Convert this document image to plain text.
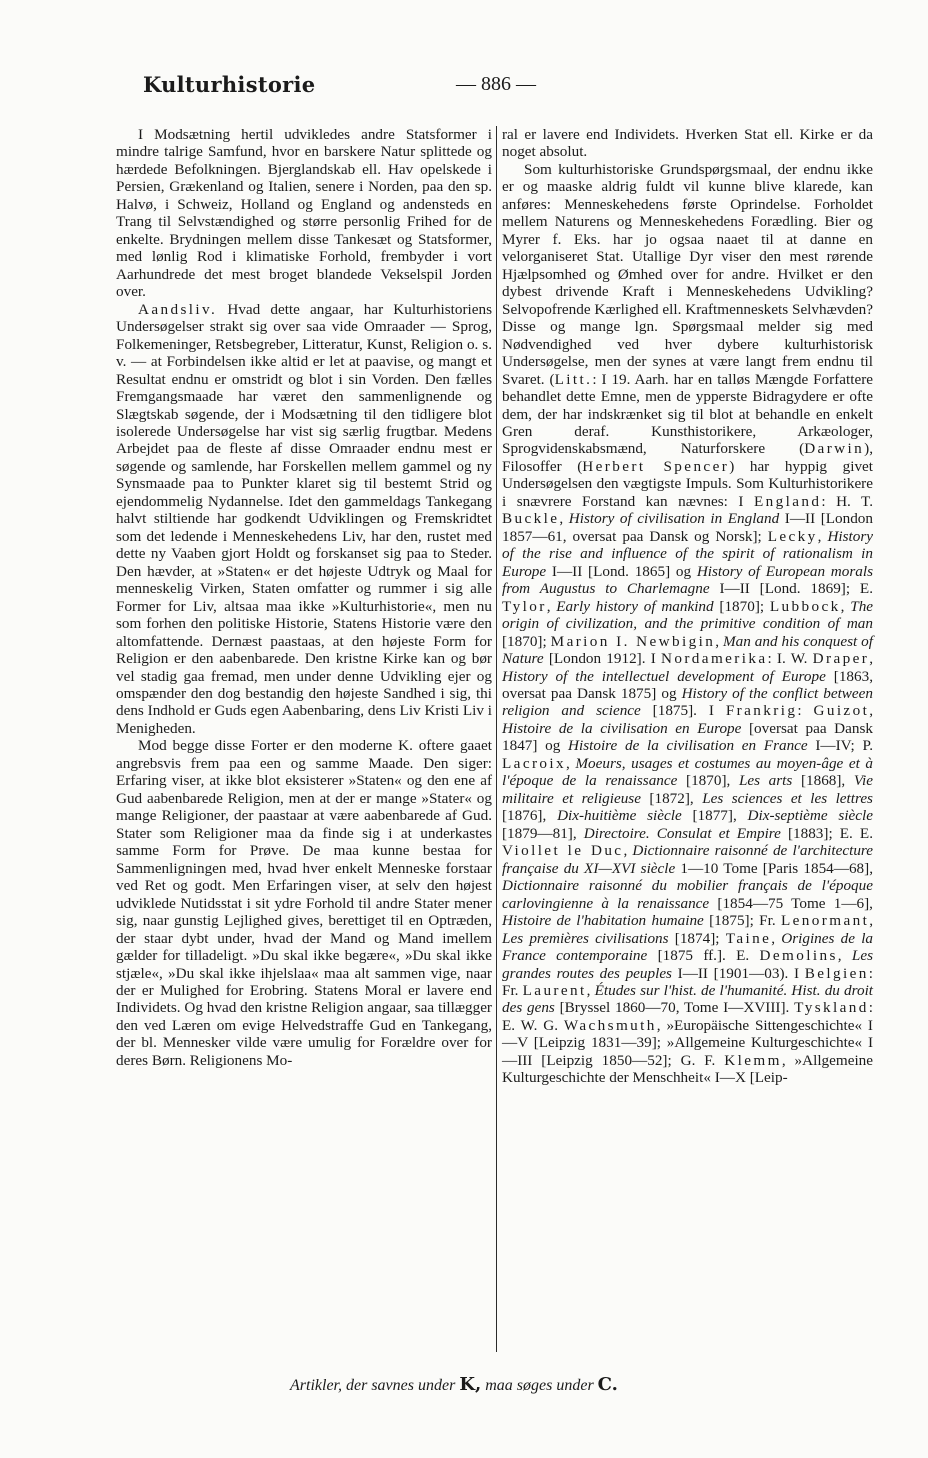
Kulturhistorie	— 886 —

I Modsætning hertil udvikledes andre Statsformer i mindre talrige Samfund, hvor en barskere Natur splittede og hærdede Befolkningen. Bjerglandskab ell. Hav opelskede i Persien, Grækenland og Italien, senere i Norden, paa den sp. Halvø, i Schweiz, Holland og England og andensteds en Trang til Selvstændighed og større personlig Frihed for de enkelte. Brydningen mellem disse Tankesæt og Statsformer, med lønlig Rod i klimatiske Forhold, frembyder i vort Aarhundrede det mest broget blandede Vekselspil Jorden over.

Aandsliv. Hvad dette angaar, har Kulturhistoriens Undersøgelser strakt sig over saa vide Omraader — Sprog, Folkemeninger, Retsbegreber, Litteratur, Kunst, Religion o. s. v. — at Forbindelsen ikke altid er let at paavise, og mangt et Resultat endnu er omstridt og blot i sin Vorden. Den fælles Fremgangsmaade har været den sammenlignende og Slægtskab søgende, der i Modsætning til den tidligere blot isolerede Undersøgelse har vist sig særlig frugtbar. Medens Arbejdet paa de fleste af disse Omraader endnu mest er søgende og samlende, har Forskellen mellem gammel og ny Synsmaade paa to Punkter klaret sig til bestemt Strid og ejendommelig Nydannelse. Idet den gammeldags Tankegang halvt stiltiende har godkendt Udviklingen og Fremskridtet som det ledende i Menneskehedens Liv, har den, rustet med dette ny Vaaben gjort Holdt og forskanset sig paa to Steder. Den hævder, at »Staten« er det højeste Udtryk og Maal for menneskelig Virken, Staten omfatter og rummer i sig alle Former for Liv, altsaa maa ikke »Kulturhistorie«, men nu som forhen den politiske Historie, Statens Historie være den altomfattende. Dernæst paastaas, at den højeste Form for Religion er den aabenbarede. Den kristne Kirke kan og bør vel stadig gaa fremad, men under denne Udvikling ejer og omspænder den dog bestandig den højeste Sandhed i sig, thi dens Indhold er Guds egen Aabenbaring, dens Liv Kristi Liv i Menigheden.

Mod begge disse Forter er den moderne K. oftere gaaet angrebsvis frem paa een og samme Maade. Den siger: Erfaring viser, at ikke blot eksisterer »Staten« og den ene af Gud aabenbarede Religion, men at der er mange »Stater« og mange Religioner, der paastaar at være aabenbarede af Gud. Stater som Religioner maa da finde sig i at underkastes samme Form for Prøve. De maa kunne bestaa for Sammenligningen med, hvad hver enkelt Menneske forstaar ved Ret og godt. Men Erfaringen viser, at selv den højest udviklede Nutidsstat i sit ydre Forhold til andre Stater mener sig, naar gunstig Lejlighed gives, berettiget til en Optræden, der staar dybt under, hvad der Mand og Mand imellem gælder for tilladeligt. »Du skal ikke begære«, »Du skal ikke stjæle«, »Du skal ikke ihjelslaa« maa alt sammen vige, naar der er Mulighed for Erobring. Statens Moral er lavere end Individets. Og hvad den kristne Religion angaar, saa tillægger den ved Læren om evige Helvedstraffe Gud en Tankegang, der bl. Mennesker vilde være umulig for Forældre over for deres Børn. Religionens Mo-

ral er lavere end Individets. Hverken Stat ell. Kirke er da noget absolut.

Som kulturhistoriske Grundspørgsmaal, der endnu ikke er og maaske aldrig fuldt vil kunne blive klarede, kan anføres: Menneskehedens første Oprindelse. Forholdet mellem Naturens og Menneskehedens Forædling. Bier og Myrer f. Eks. har jo ogsaa naaet til at danne en velorganiseret Stat. Utallige Dyr viser den mest rørende Hjælpsomhed og Ømhed over for andre. Hvilket er den dybest drivende Kraft i Menneskehedens Udvikling? Selvopofrende Kærlighed ell. Kraftmenneskets Selvhævden? Disse og mange lgn. Spørgsmaal melder sig med Nødvendighed ved hver dybere kulturhistorisk Undersøgelse, men der synes at være langt frem endnu til Svaret. (Litt.: I 19. Aarh. har en talløs Mængde Forfattere behandlet dette Emne, men de ypperste Bidragydere er ofte dem, der har indskrænket sig til blot at behandle en enkelt Gren deraf. Kunsthistorikere, Arkæologer, Sprogvidenskabsmænd, Naturforskere (Darwin), Filosoffer (Herbert Spencer) har hyppig givet Undersøgelsen den vægtigste Impuls. Som Kulturhistorikere i snævrere Forstand kan nævnes: I England: H. T. Buckle, History of civilisation in England I—II [London 1857—61, oversat paa Dansk og Norsk]; Lecky, History of the rise and influence of the spirit of rationalism in Europe I—II [Lond. 1865] og History of European morals from Augustus to Charlemagne I—II [Lond. 1869]; E. Tylor, Early history of mankind [1870]; Lubbock, The origin of civilization, and the primitive condition of man [1870]; Marion I. Newbigin, Man and his conquest of Nature [London 1912]. I Nordamerika: I. W. Draper, History of the intellectuel development of Europe [1863, oversat paa Dansk 1875] og History of the conflict between religion and science [1875]. I Frankrig: Guizot, Histoire de la civilisation en Europe [oversat paa Dansk 1847] og Histoire de la civilisation en France I—IV; P. Lacroix, Moeurs, usages et costumes au moyen-âge et à l'époque de la renaissance [1870], Les arts [1868], Vie militaire et religieuse [1872], Les sciences et les lettres [1876], Dix-huitième siècle [1877], Dix-septième siècle [1879—81], Directoire. Consulat et Empire [1883]; E. E. Viollet le Duc, Dictionnaire raisonné de l'architecture française du XI—XVI siècle 1—10 Tome [Paris 1854—68], Dictionnaire raisonné du mobilier français de l'époque carlovingienne à la renaissance [1854—75 Tome 1—6], Histoire de l'habitation humaine [1875]; Fr. Lenormant, Les premières civilisations [1874]; Taine, Origines de la France contemporaine [1875 ff.]. E. Demolins, Les grandes routes des peuples I—II [1901—03). I Belgien: Fr. Laurent, Études sur l'hist. de l'humanité. Hist. du droit des gens [Bryssel 1860—70, Tome I—XVIII]. Tyskland: E. W. G. Wachsmuth, »Europäische Sittengeschichte« I—V [Leipzig 1831—39]; »Allgemeine Kulturgeschichte« I—III [Leipzig 1850—52]; G. F. Klemm, »Allgemeine Kulturgeschichte der Menschheit« I—X [Leip-

Artikler, der savnes under K, maa søges under C.
